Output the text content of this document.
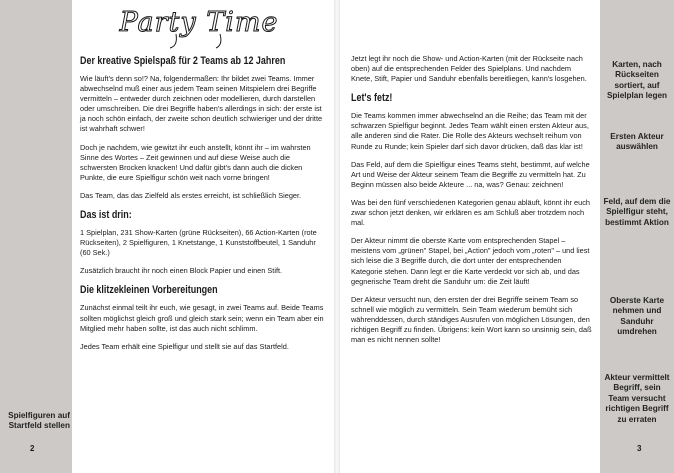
Spielfiguren auf Startfeld stellen
2
Party Time
Der kreative Spielspaß für 2 Teams ab 12 Jahren

Wie läuft's denn so!? Na, folgendermaßen: Ihr bildet zwei Teams. Immer abwechselnd muß einer aus jedem Team seinen Mitspielern drei Begriffe vermitteln – entweder durch zeichnen oder modellieren, durch darstellen oder umschreiben. Die drei Begriffe haben's allerdings in sich: der erste ist ja noch schön einfach, der zweite schon deutlich schwieriger und der dritte ist wahrhaft schwer!

Doch je nachdem, wie gewitzt ihr euch anstellt, könnt ihr – im wahrsten Sinne des Wortes – Zeit gewinnen und auf diese Weise auch die schwersten Brocken knacken! Und dafür gibt's dann auch die dicken Punkte, die eure Spielfigur schön weit nach vorne bringen!

Das Team, das das Zielfeld als erstes erreicht, ist schließlich Sieger.

Das ist drin:

1 Spielplan, 231 Show-Karten (grüne Rückseiten), 66 Action-Karten (rote Rückseiten), 2 Spielfiguren, 1 Knetstange, 1 Kunststoffbeutel, 1 Sanduhr (60 Sek.)

Zusätzlich braucht ihr noch einen Block Papier und einen Stift.

Die klitzekleinen Vorbereitungen

Zunächst einmal teilt ihr euch, wie gesagt, in zwei Teams auf. Beide Teams sollten möglichst gleich groß und gleich stark sein; wenn ein Team aber ein Mitglied mehr haben sollte, ist das auch nicht schlimm.

Jedes Team erhält eine Spielfigur und stellt sie auf das Startfeld.

Karten, nach Rückseiten sortiert, auf Spielplan legen
Ersten Akteur auswählen
Feld, auf dem die Spielfigur steht, bestimmt Aktion
Oberste Karte nehmen und Sanduhr umdrehen
Akteur vermittelt Begriff, sein Team versucht richtigen Begriff zu erraten
3

Jetzt legt ihr noch die Show- und Action-Karten (mit der Rückseite nach oben) auf die entsprechenden Felder des Spielplans. Und nachdem Knete, Stift, Papier und Sanduhr ebenfalls bereitliegen, kann's losgehen.

Let's fetz!

Die Teams kommen immer abwechselnd an die Reihe; das Team mit der schwarzen Spielfigur beginnt. Jedes Team wählt einen ersten Akteur aus, alle anderen sind die Rater. Die Rolle des Akteurs wechselt reihum von Runde zu Runde; kein Spieler darf sich davor drücken, daß das klar ist!

Das Feld, auf dem die Spielfigur eines Teams steht, bestimmt, auf welche Art und Weise der Akteur seinem Team die Begriffe zu vermitteln hat. Zu Beginn müssen also beide Akteure ... na, was? Genau: zeichnen!

Was bei den fünf verschiedenen Kategorien genau abläuft, könnt ihr euch zwar schon jetzt denken, wir erklären es am Schluß aber trotzdem noch mal.

Der Akteur nimmt die oberste Karte vom entsprechenden Stapel – meistens vom „grünen" Stapel, bei „Action" jedoch vom „roten" – und liest sich leise die 3 Begriffe durch, die dort unter der entsprechenden Kategorie stehen. Dann legt er die Karte verdeckt vor sich ab, und das gegnerische Team dreht die Sanduhr um: die Zeit läuft!

Der Akteur versucht nun, den ersten der drei Begriffe seinem Team so schnell wie möglich zu vermitteln. Sein Team wiederum bemüht sich währenddessen, durch ständiges Ausrufen von möglichen Lösungen, den richtigen Begriff zu finden. Übrigens: kein Wort kann so unsinnig sein, daß man es nicht nennen sollte!
